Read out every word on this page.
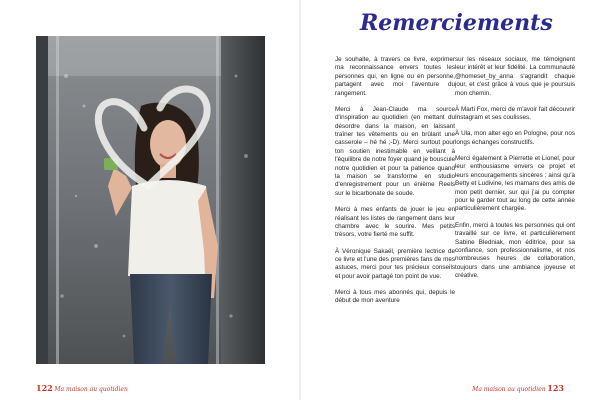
Remerciements

Je souhaite, à travers ce livre, exprimer ma reconnaissance envers toutes les personnes qui, en ligne ou en personne, partagent avec moi l'aventure du rangement.

Merci à Jean-Claude ma source d'inspiration au quotidien (en mettant du désordre dans la maison, en laissant traîner tes vêtements ou en brûlant une casserole – hé hé ;-D). Merci surtout pour ton soutien inestimable en veillant à l'équilibre de notre foyer quand je bouscule notre quotidien et pour ta patience quand la maison se transforme en studio d'enregistrement pour un énième Reels sur le bicarbonate de soude.

Merci à mes enfants de jouer le jeu en réalisant les listes de rangement dans leur chambre avec le sourire. Mes petits trésors, votre fierté me suffit.

À Véronique Sakaël, première lectrice de ce livre et l'une des premières fans de mes astuces, merci pour tes précieux conseils et pour avoir partagé ton point de vue.

Merci à tous mes abonnés qui, depuis le début de mon aventure

sur les réseaux sociaux, me témoignent leur intérêt et leur fidélité. La communauté @homeset_by_anna s'agrandit chaque jour, et c'est grâce à vous que je poursuis mon chemin.

À Marti Fox, merci de m'avoir fait découvrir Instagram et ses coulisses.

À Ula, mon alter ego en Pologne, pour nos longs échanges constructifs.

Merci également à Pierrette et Lionel, pour leur enthousiasme envers ce projet et leurs encouragements sincères ; ainsi qu'à Betty et Ludivine, les mamans des amis de mon petit dernier, sur qui j'ai pu compter pour le garder tout au long de cette année particulièrement chargée.

Enfin, merci à toutes les personnes qui ont travaillé sur ce livre, et particulièrement Sabine Bledniak, mon éditrice, pour sa confiance, son professionnalisme, et nos nombreuses heures de collaboration, toujours dans une ambiance joyeuse et créative.

122 Ma maison au quotidien	Ma maison au quotidien 123
